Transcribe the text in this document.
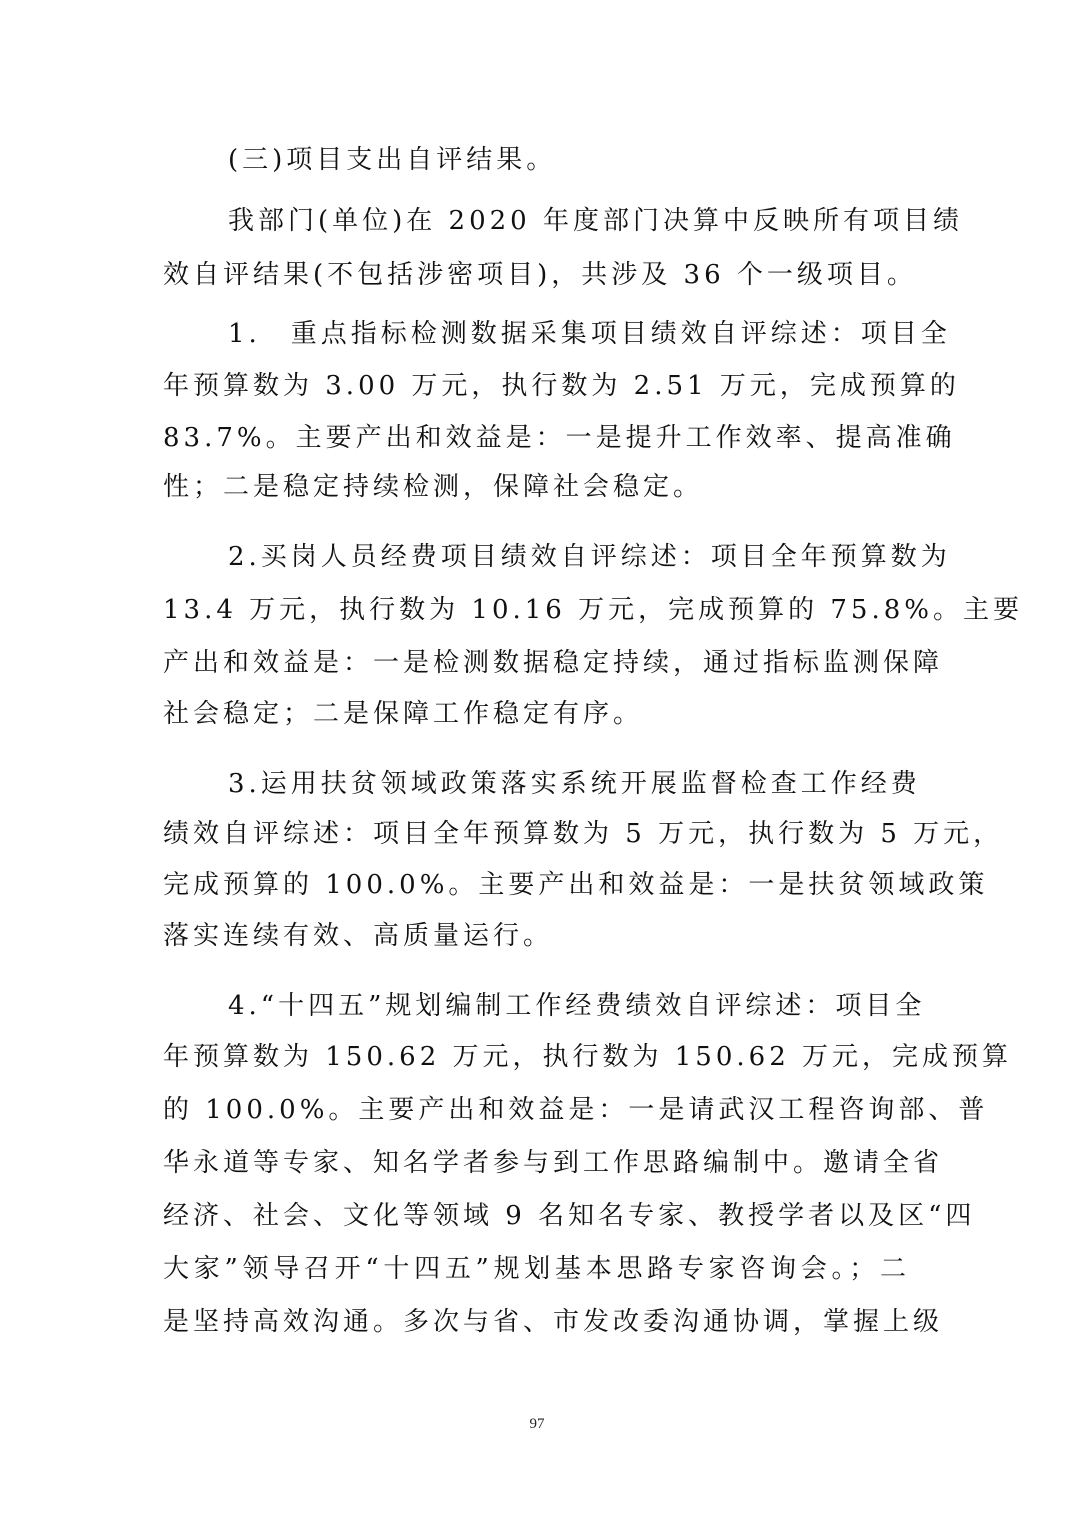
(三)项目支出自评结果。
我部门(单位)在 2020 年度部门决算中反映所有项目绩
效自评结果(不包括涉密项目)，共涉及 36 个一级项目。
1.　重点指标检测数据采集项目绩效自评综述：项目全
年预算数为 3.00 万元，执行数为 2.51 万元，完成预算的
83.7%。主要产出和效益是：一是提升工作效率、提高准确
性；二是稳定持续检测，保障社会稳定。
2.买岗人员经费项目绩效自评综述：项目全年预算数为
13.4 万元，执行数为 10.16 万元，完成预算的 75.8%。主要
产出和效益是：一是检测数据稳定持续，通过指标监测保障
社会稳定；二是保障工作稳定有序。
3.运用扶贫领域政策落实系统开展监督检查工作经费
绩效自评综述：项目全年预算数为 5 万元，执行数为 5 万元，
完成预算的 100.0%。主要产出和效益是：一是扶贫领域政策
落实连续有效、高质量运行。
4.“十四五”规划编制工作经费绩效自评综述：项目全
年预算数为 150.62 万元，执行数为 150.62 万元，完成预算
的 100.0%。主要产出和效益是：一是请武汉工程咨询部、普
华永道等专家、知名学者参与到工作思路编制中。邀请全省
经济、社会、文化等领域 9 名知名专家、教授学者以及区“四
大家”领导召开“十四五”规划基本思路专家咨询会。；二
是坚持高效沟通。多次与省、市发改委沟通协调，掌握上级
97
